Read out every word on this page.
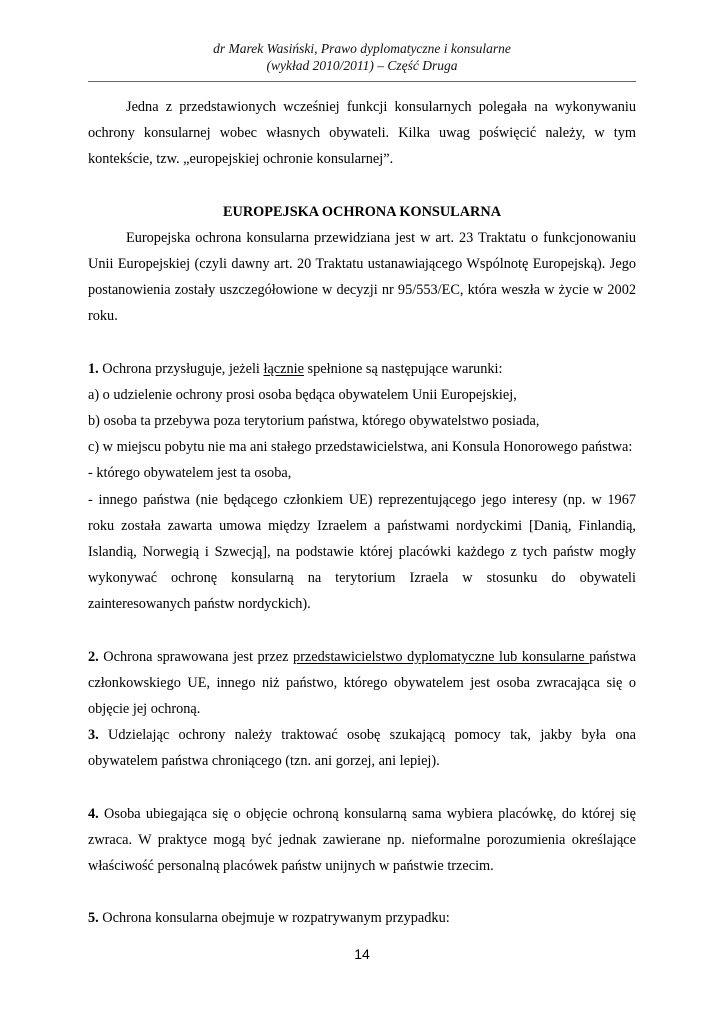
dr Marek Wasiński, Prawo dyplomatyczne i konsularne
(wykład 2010/2011) – Część Druga

Jedna z przedstawionych wcześniej funkcji konsularnych polegała na wykonywaniu ochrony konsularnej wobec własnych obywateli. Kilka uwag poświęcić należy, w tym kontekście, tzw. „europejskiej ochronie konsularnej”.

EUROPEJSKA OCHRONA KONSULARNA

Europejska ochrona konsularna przewidziana jest w art. 23 Traktatu o funkcjonowaniu Unii Europejskiej (czyli dawny art. 20 Traktatu ustanawiającego Wspólnotę Europejską). Jego postanowienia zostały uszczegółowione w decyzji nr 95/553/EC, która weszła w życie w 2002 roku.

1. Ochrona przysługuje, jeżeli łącznie spełnione są następujące warunki:

a) o udzielenie ochrony prosi osoba będąca obywatelem Unii Europejskiej,

b) osoba ta przebywa poza terytorium państwa, którego obywatelstwo posiada,

c) w miejscu pobytu nie ma ani stałego przedstawicielstwa, ani Konsula Honorowego państwa:

- którego obywatelem jest ta osoba,

- innego państwa (nie będącego członkiem UE) reprezentującego jego interesy (np. w 1967 roku została zawarta umowa między Izraelem a państwami nordyckimi [Danią, Finlandią, Islandią, Norwegią i Szwecją], na podstawie której placówki każdego z tych państw mogły wykonywać ochronę konsularną na terytorium Izraela w stosunku do obywateli zainteresowanych państw nordyckich).

2. Ochrona sprawowana jest przez przedstawicielstwo dyplomatyczne lub konsularne państwa członkowskiego UE, innego niż państwo, którego obywatelem jest osoba zwracająca się o objęcie jej ochroną.

3. Udzielając ochrony należy traktować osobę szukającą pomocy tak, jakby była ona obywatelem państwa chroniącego (tzn. ani gorzej, ani lepiej).

4. Osoba ubiegająca się o objęcie ochroną konsularną sama wybiera placówkę, do której się zwraca. W praktyce mogą być jednak zawierane np. nieformalne porozumienia określające właściwość personalną placówek państw unijnych w państwie trzecim.

5. Ochrona konsularna obejmuje w rozpatrywanym przypadku:

14
